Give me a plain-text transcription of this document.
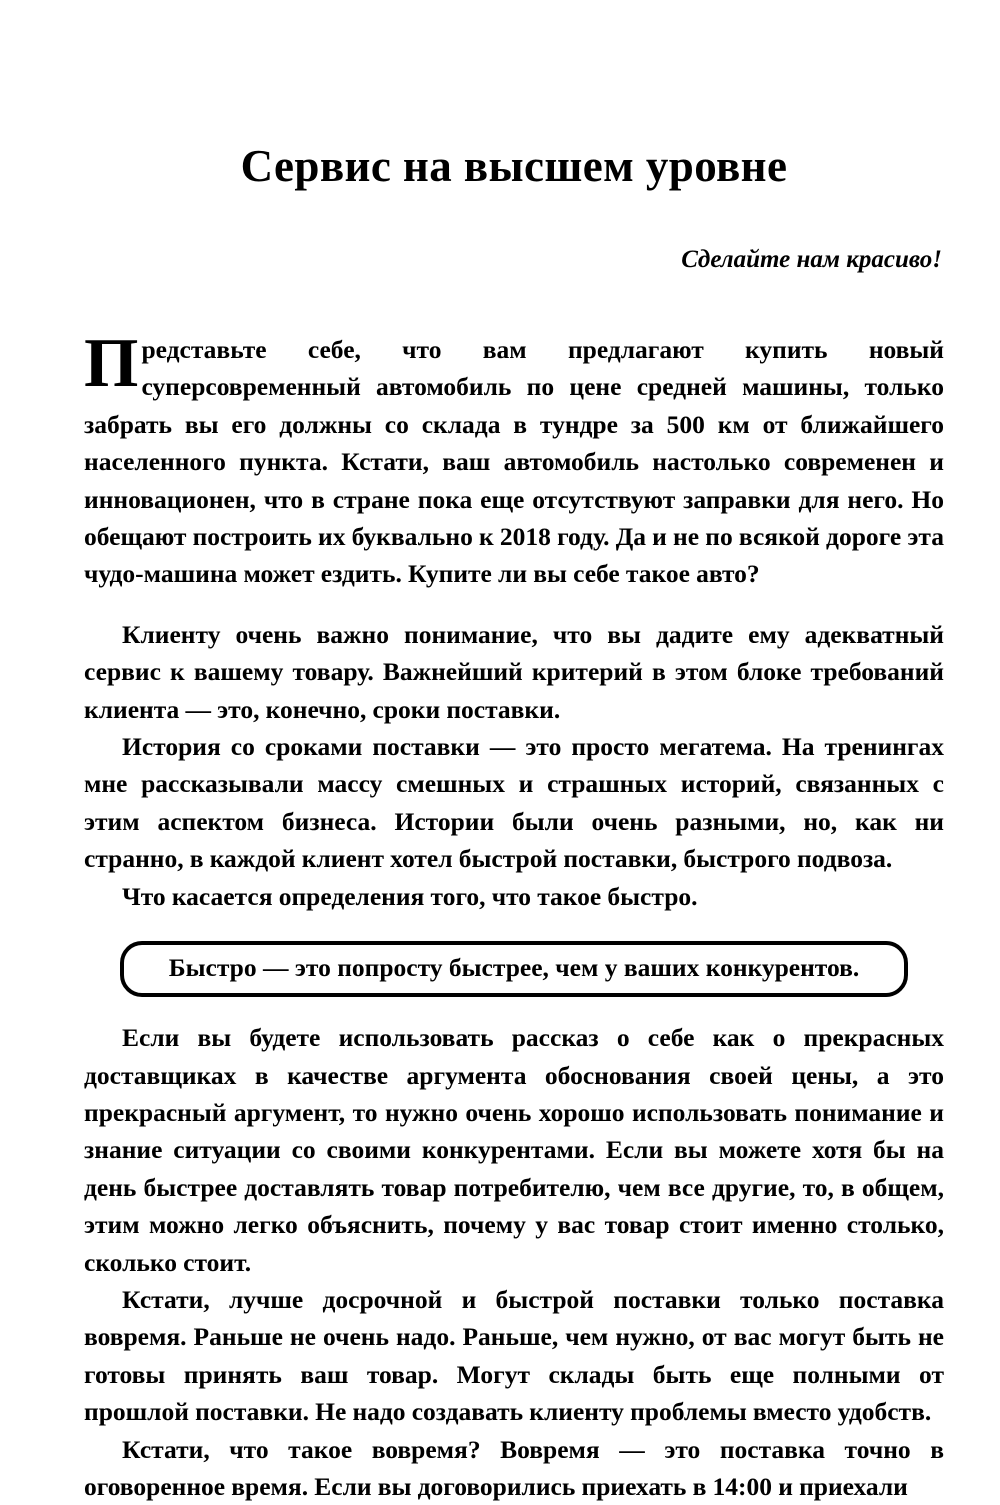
Сервис на высшем уровне

Сделайте нам красиво!

Представьте себе, что вам предлагают купить новый суперсовременный автомобиль по цене средней машины, только забрать вы его должны со склада в тундре за 500 км от ближайшего населенного пункта. Кстати, ваш автомобиль настолько современен и инновационен, что в стране пока еще отсутствуют заправки для него. Но обещают построить их буквально к 2018 году. Да и не по всякой дороге эта чудо-машина может ездить. Купите ли вы себе такое авто?

Клиенту очень важно понимание, что вы дадите ему адекватный сервис к вашему товару. Важнейший критерий в этом блоке требований клиента — это, конечно, сроки поставки.

История со сроками поставки — это просто мегатема. На тренингах мне рассказывали массу смешных и страшных историй, связанных с этим аспектом бизнеса. Истории были очень разными, но, как ни странно, в каждой клиент хотел быстрой поставки, быстрого подвоза.

Что касается определения того, что такое быстро.

Быстро — это попросту быстрее, чем у ваших конкурентов.

Если вы будете использовать рассказ о себе как о прекрасных доставщиках в качестве аргумента обоснования своей цены, а это прекрасный аргумент, то нужно очень хорошо использовать понимание и знание ситуации со своими конкурентами. Если вы можете хотя бы на день быстрее доставлять товар потребителю, чем все другие, то, в общем, этим можно легко объяснить, почему у вас товар стоит именно столько, сколько стоит.

Кстати, лучше досрочной и быстрой поставки только поставка вовремя. Раньше не очень надо. Раньше, чем нужно, от вас могут быть не готовы принять ваш товар. Могут склады быть еще полными от прошлой поставки. Не надо создавать клиенту проблемы вместо удобств.

Кстати, что такое вовремя? Вовремя — это поставка точно в оговоренное время. Если вы договорились приехать в 14:00 и приехали
